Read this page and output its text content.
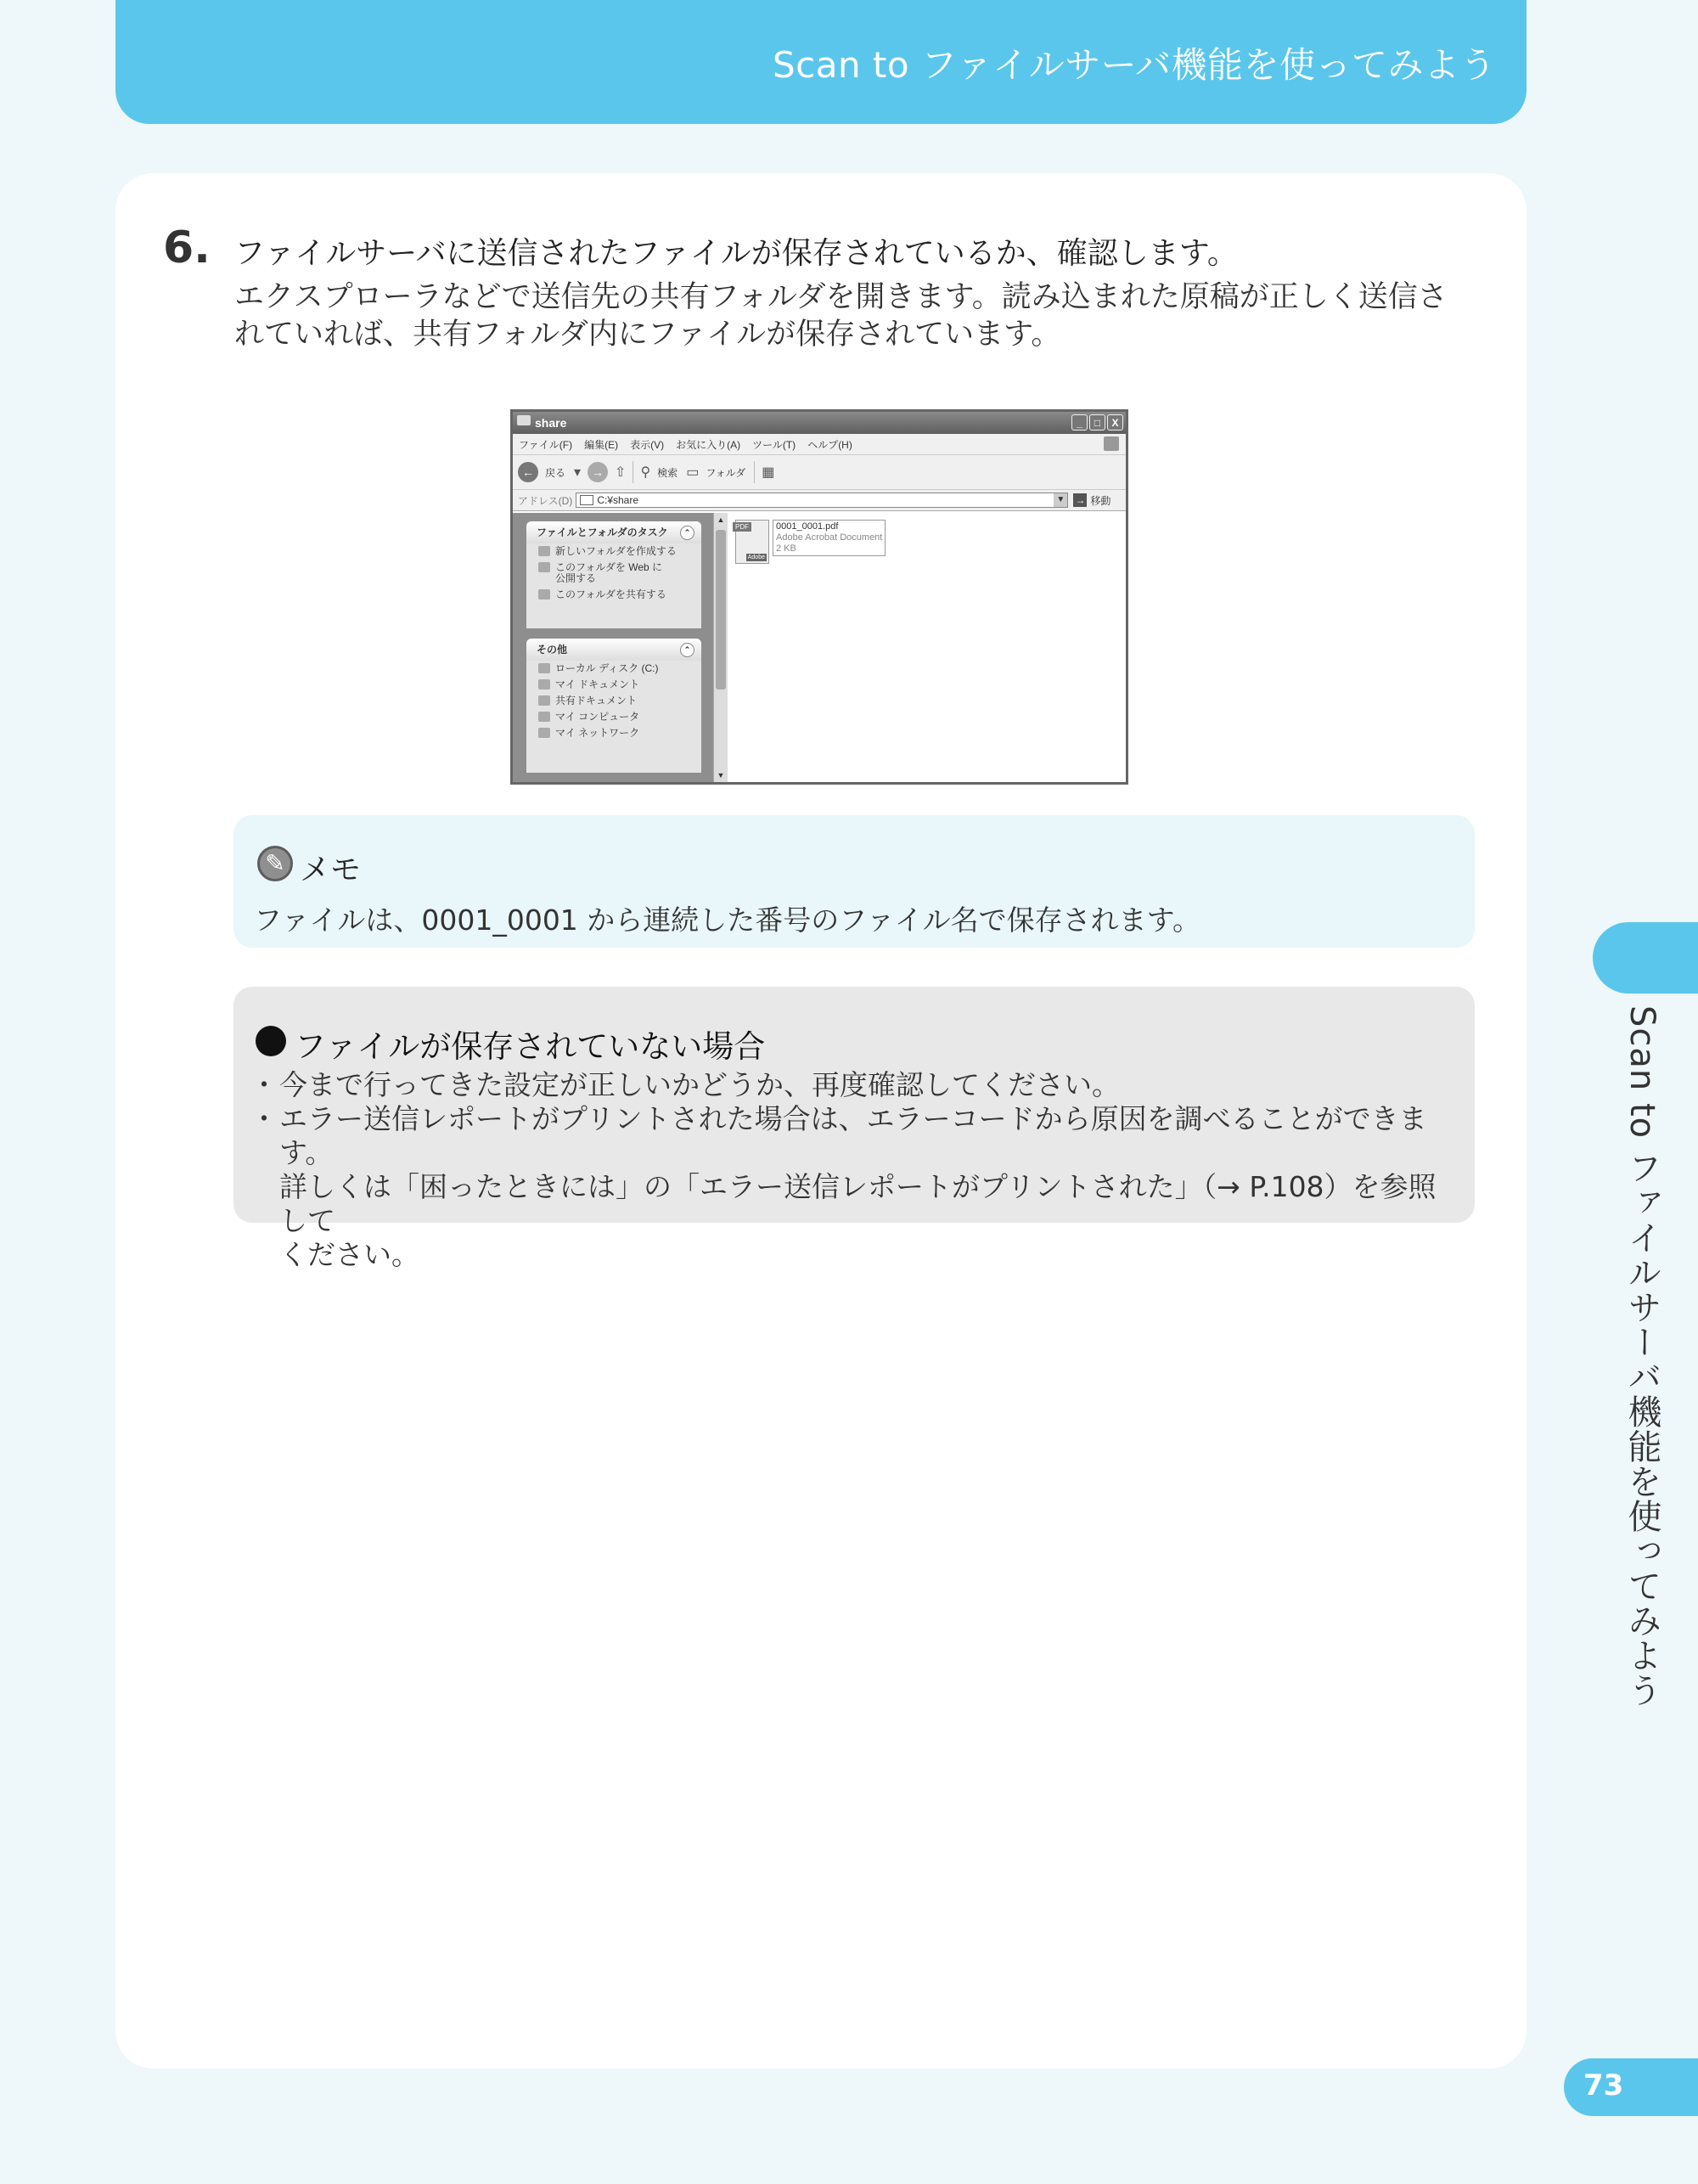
Scan to ファイルサーバ機能を使ってみよう
6. ファイルサーバに送信されたファイルが保存されているか、確認します。
エクスプローラなどで送信先の共有フォルダを開きます。読み込まれた原稿が正しく送信さ
れていれば、共有フォルダ内にファイルが保存されています。
share	_	□	X
ファイル(F)	編集(E)	表示(V)	お気に入り(A)	ツール(T)	ヘルプ(H)
←	戻る ▾ → ⇧ ⚲ 検索 ▭ フォルダ ▦
アドレス(D) C:¥share	▼ → 移動
ファイルとフォルダのタスク	⌃
新しいフォルダを作成する
このフォルダを Web に公開する
このフォルダを共有する
その他	⌃
ローカル ディスク (C:)
マイ ドキュメント
共有ドキュメント
マイ コンピュータ
マイ ネットワーク
▲
▼
PDF
Adobe
0001_0001.pdf
Adobe Acrobat Document
2 KB
✎ メモ
ファイルは、0001_0001 から連続した番号のファイル名で保存されます。
ファイルが保存されていない場合
・ 今まで行ってきた設定が正しいかどうか、再度確認してください。
・ エラー送信レポートがプリントされた場合は、エラーコードから原因を調べることができます。
詳しくは「困ったときには」の「エラー送信レポートがプリントされた」（→ P.108）を参照して
ください。	Scan to ファイルサーバ機能を使ってみよう
73
